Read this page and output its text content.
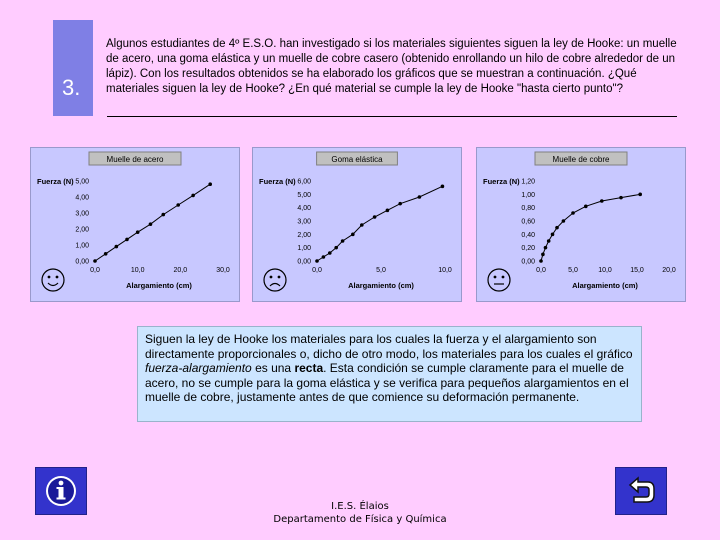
3.
Algunos estudiantes de 4º E.S.O. han investigado si los materiales siguientes siguen la ley de Hooke: un muelle de acero, una goma elástica y un muelle de cobre casero (obtenido enrollando un hilo de cobre alrededor de un lápiz). Con los resultados obtenidos se ha elaborado los gráficos que se muestran a continuación. ¿Qué materiales siguen la ley de Hooke? ¿En qué material se cumple la ley de Hooke "hasta cierto punto"?
Muelle de acero
Fuerza (N)
Alargamiento (cm)
0,00
1,00
2,00
3,00
4,00
5,00
0,0	10,0	20,0	30,0
Goma elástica
Fuerza (N)
Alargamiento (cm)
0,00
1,00
2,00
3,00
4,00
5,00
6,00
0,0	5,0	10,0
Muelle de cobre
Fuerza (N)
Alargamiento (cm)
0,00
0,20
0,40
0,60
0,80
1,00
1,20
0,0	5,0	10,0	15,0	20,0
Siguen la ley de Hooke los materiales para los cuales la fuerza y el alargamiento son directamente proporcionales o, dicho de otro modo, los materiales para los cuales el gráfico fuerza-alargamiento es una recta. Esta condición se cumple claramente para el muelle de acero, no se cumple para la goma elástica y se verifica para pequeños alargamientos en el muelle de cobre, justamente antes de que comience su deformación permanente.
I.E.S. Élaios
Departamento de Física y Química
